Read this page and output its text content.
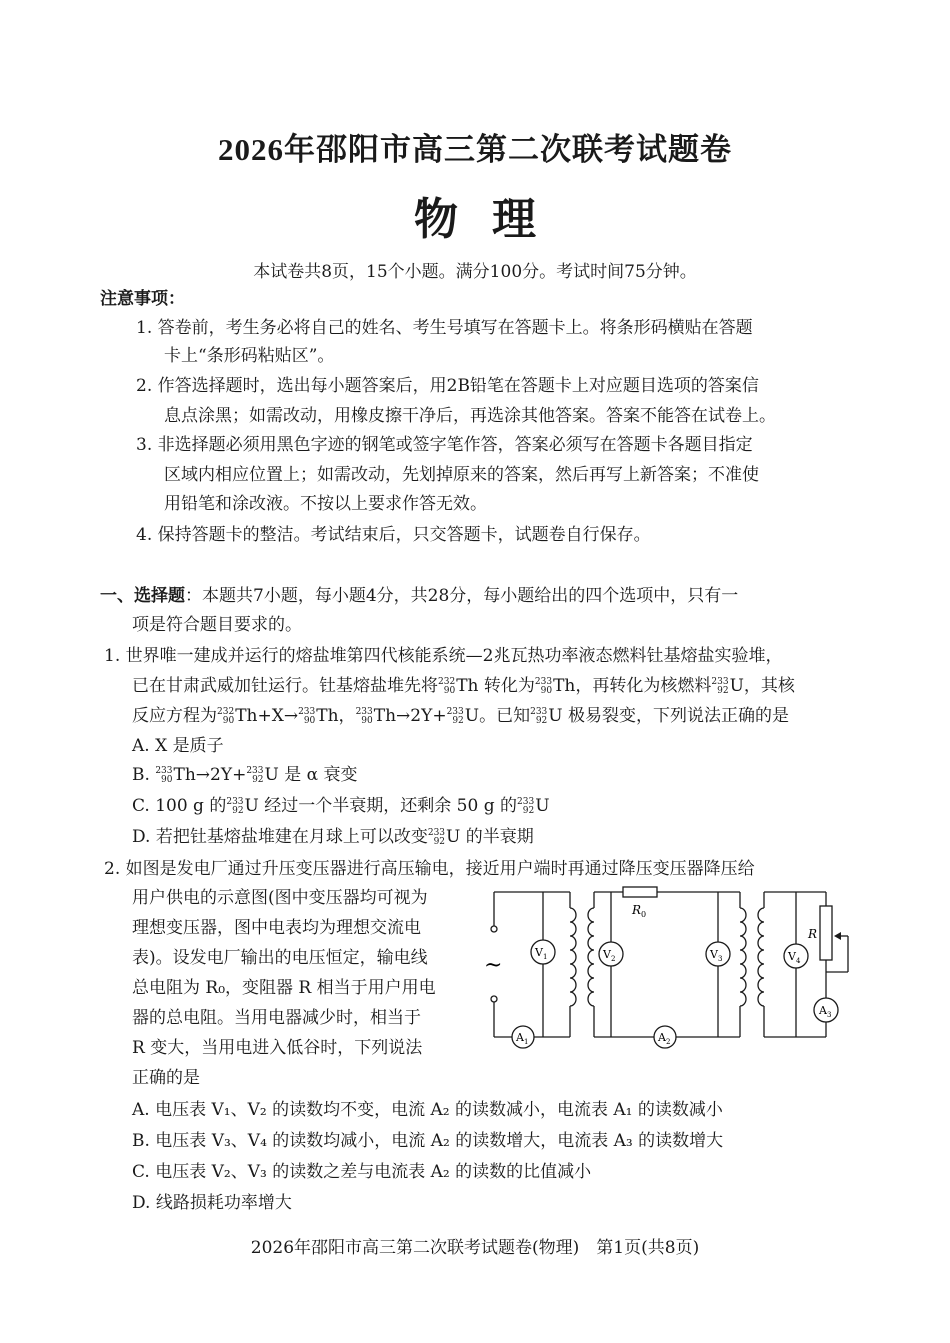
2026年邵阳市高三第二次联考试题卷
物理
本试卷共8页，15个小题。满分100分。考试时间75分钟。
注意事项：
1. 答卷前，考生务必将自己的姓名、考生号填写在答题卡上。将条形码横贴在答题
卡上“条形码粘贴区”。
2. 作答选择题时，选出每小题答案后，用2B铅笔在答题卡上对应题目选项的答案信
息点涂黑；如需改动，用橡皮擦干净后，再选涂其他答案。答案不能答在试卷上。
3. 非选择题必须用黑色字迹的钢笔或签字笔作答，答案必须写在答题卡各题目指定
区域内相应位置上；如需改动，先划掉原来的答案，然后再写上新答案；不准使
用铅笔和涂改液。不按以上要求作答无效。
4. 保持答题卡的整洁。考试结束后，只交答题卡，试题卷自行保存。
一、选择题：本题共7小题，每小题4分，共28分，每小题给出的四个选项中，只有一
项是符合题目要求的。
1. 世界唯一建成并运行的熔盐堆第四代核能系统—2兆瓦热功率液态燃料钍基熔盐实验堆，
已在甘肃武威加钍运行。钍基熔盐堆先将 232
90 Th 转化为 233
90 Th，再转化为核燃料 233
92 U，其核
反应方程为 232
90 Th+X→ 233
90 Th， 233
90 Th→2Y+ 233
92 U。已知 233
92 U 极易裂变，下列说法正确的是
A. X 是质子
B. 233
90 Th→2Y+ 233
92 U 是 α 衰变
C. 100 g 的 233
92 U 经过一个半衰期，还剩余 50 g 的 233
92 U
D. 若把钍基熔盐堆建在月球上可以改变 233
92 U 的半衰期
2. 如图是发电厂通过升压变压器进行高压输电，接近用户端时再通过降压变压器降压给
用户供电的示意图(图中变压器均可视为
理想变压器，图中电表均为理想交流电
表)。设发电厂输出的电压恒定，输电线
总电阻为 R₀，变阻器 R 相当于用户用电
器的总电阻。当用电器减少时，相当于
R 变大，当用电进入低谷时，下列说法
正确的是
~
$R_0$
R
$V_1$	$V_2$	$V_3$	$V_4$
$A_1$	$A_2$
$A_3$
A. 电压表 V₁、V₂ 的读数均不变，电流 A₂ 的读数减小，电流表 A₁ 的读数减小
B. 电压表 V₃、V₄ 的读数均减小，电流 A₂ 的读数增大，电流表 A₃ 的读数增大
C. 电压表 V₂、V₃ 的读数之差与电流表 A₂ 的读数的比值减小
D. 线路损耗功率增大
2026年邵阳市高三第二次联考试题卷(物理)　第1页(共8页)
